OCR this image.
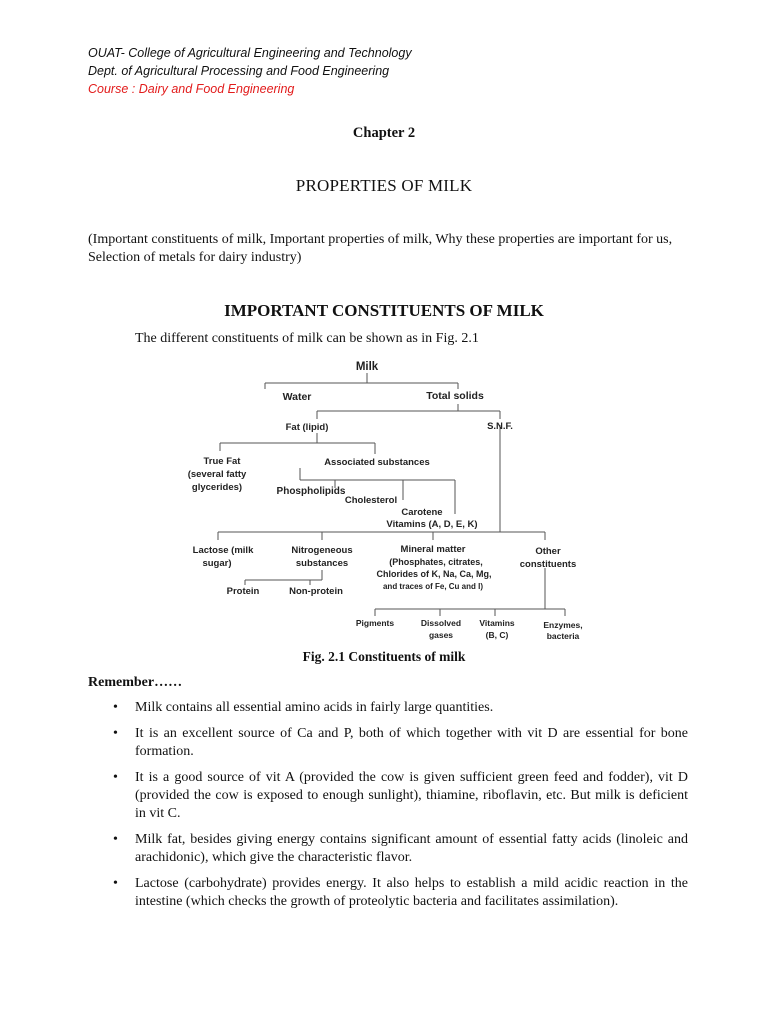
OUAT- College of Agricultural Engineering and Technology
Dept. of Agricultural Processing and Food Engineering
Course : Dairy and Food Engineering
Chapter 2
PROPERTIES OF MILK
(Important constituents of milk, Important properties of milk, Why these properties are important for us, Selection of metals for dairy industry)
IMPORTANT CONSTITUENTS OF MILK
The different constituents of milk can be shown as in Fig. 2.1
Milk
Water	Total solids
Fat (lipid)	S.N.F.
True Fat
(several fatty
glycerides)
Associated substances
Phospholipids
Cholesterol
Carotene
Vitamins (A, D, E, K)
Lactose (milk
sugar)
Nitrogeneous
substances
Mineral matter
(Phosphates, citrates,
Chlorides of K, Na, Ca, Mg,
and traces of Fe, Cu and I)
Other
constituents
Protein	Non-protein
Pigments	Dissolved
gases
Vitamins
(B, C)
Enzymes,
bacteria
Fig. 2.1 Constituents of milk
Remember……
• Milk contains all essential amino acids in fairly large quantities.
• It is an excellent source of Ca and P, both of which together with vit D are essential for bone formation.
• It is a good source of vit A (provided the cow is given sufficient green feed and fodder), vit D (provided the cow is exposed to enough sunlight), thiamine, riboflavin, etc. But milk is deficient in vit C.
• Milk fat, besides giving energy contains significant amount of essential fatty acids (linoleic and arachidonic), which give the characteristic flavor.
• Lactose (carbohydrate) provides energy. It also helps to establish a mild acidic reaction in the intestine (which checks the growth of proteolytic bacteria and facilitates assimilation).
